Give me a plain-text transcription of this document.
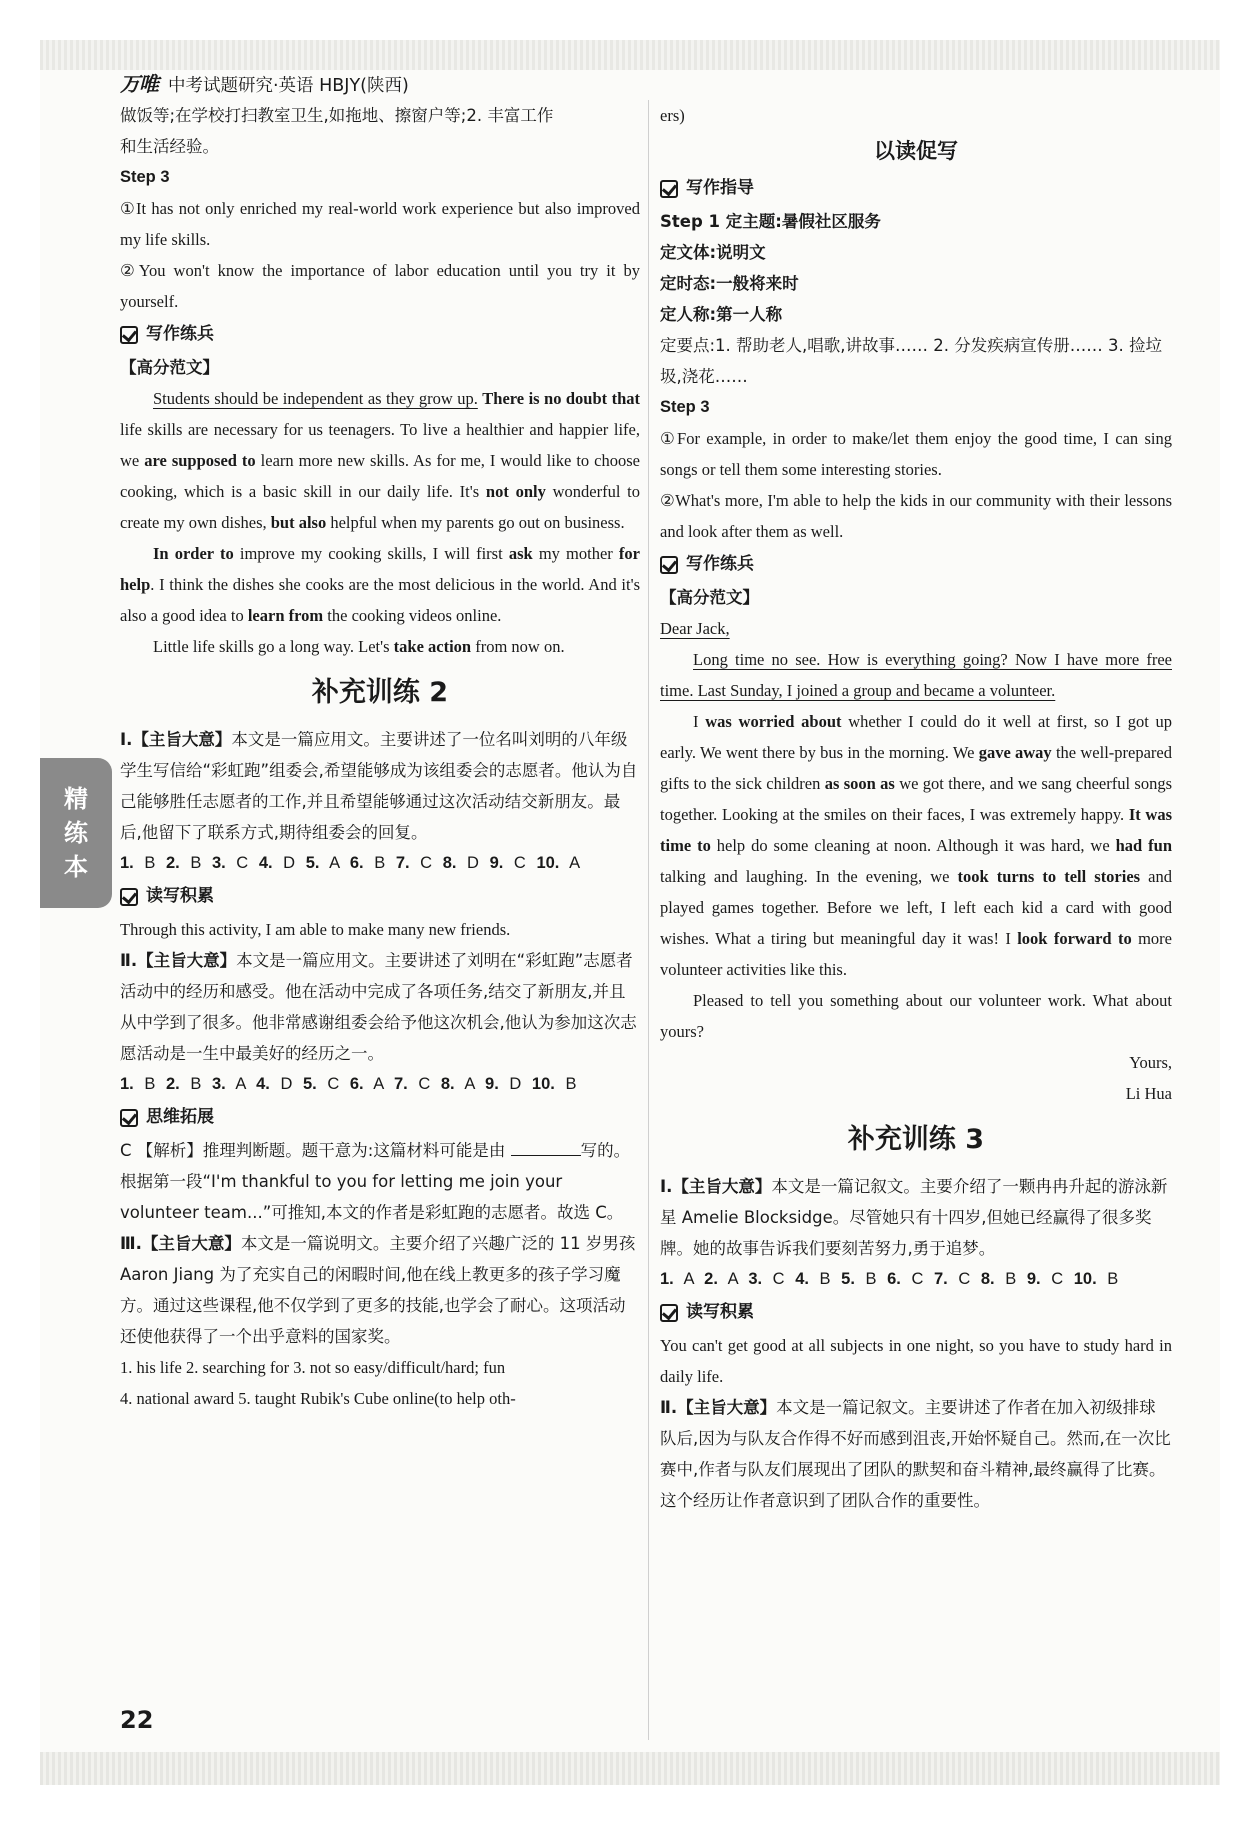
万唯 中考试题研究·英语 HBJY(陕西)
精
练
本

做饭等;在学校打扫教室卫生,如拖地、擦窗户等;2. 丰富工作

和生活经验。

Step 3

①It has not only enriched my real-world work experience but also improved my life skills.

②You won't know the importance of labor education until you try it by yourself.

写作练兵

【高分范文】

Students should be independent as they grow up. There is no doubt that life skills are necessary for us teenagers. To live a healthier and happier life, we are supposed to learn more new skills. As for me, I would like to choose cooking, which is a basic skill in our daily life. It's not only wonderful to create my own dishes, but also helpful when my parents go out on business.

In order to improve my cooking skills, I will first ask my mother for help. I think the dishes she cooks are the most delicious in the world. And it's also a good idea to learn from the cooking videos online.

Little life skills go a long way. Let's take action from now on.

补充训练 2

Ⅰ.【主旨大意】本文是一篇应用文。主要讲述了一位名叫刘明的八年级学生写信给“彩虹跑”组委会,希望能够成为该组委会的志愿者。他认为自己能够胜任志愿者的工作,并且希望能够通过这次活动结交新朋友。最后,他留下了联系方式,期待组委会的回复。

1. B 2. B 3. C 4. D 5. A 6. B 7. C 8. D 9. C 10. A

读写积累

Through this activity, I am able to make many new friends.

Ⅱ.【主旨大意】本文是一篇应用文。主要讲述了刘明在“彩虹跑”志愿者活动中的经历和感受。他在活动中完成了各项任务,结交了新朋友,并且从中学到了很多。他非常感谢组委会给予他这次机会,他认为参加这次志愿活动是一生中最美好的经历之一。

1. B 2. B 3. A 4. D 5. C 6. A 7. C 8. A 9. D 10. B

思维拓展

C 【解析】推理判断题。题干意为:这篇材料可能是由	写的。根据第一段“I'm thankful to you for letting me join your volunteer team...”可推知,本文的作者是彩虹跑的志愿者。故选 C。

Ⅲ.【主旨大意】本文是一篇说明文。主要介绍了兴趣广泛的 11 岁男孩 Aaron Jiang 为了充实自己的闲暇时间,他在线上教更多的孩子学习魔方。通过这些课程,他不仅学到了更多的技能,也学会了耐心。这项活动还使他获得了一个出乎意料的国家奖。

1. his life 2. searching for 3. not so easy/difficult/hard; fun

4. national award 5. taught Rubik's Cube online(to help oth-

ers)

以读促写
写作指导

Step 1 定主题:暑假社区服务

定文体:说明文

定时态:一般将来时

定人称:第一人称

定要点:1. 帮助老人,唱歌,讲故事…… 2. 分发疾病宣传册…… 3. 捡垃圾,浇花……

Step 3

①For example, in order to make/let them enjoy the good time, I can sing songs or tell them some interesting stories.

②What's more, I'm able to help the kids in our community with their lessons and look after them as well.

写作练兵

【高分范文】

Dear Jack,

Long time no see. How is everything going? Now I have more free time. Last Sunday, I joined a group and became a volunteer.

I was worried about whether I could do it well at first, so I got up early. We went there by bus in the morning. We gave away the well-prepared gifts to the sick children as soon as we got there, and we sang cheerful songs together. Looking at the smiles on their faces, I was extremely happy. It was time to help do some cleaning at noon. Although it was hard, we had fun talking and laughing. In the evening, we took turns to tell stories and played games together. Before we left, I left each kid a card with good wishes. What a tiring but meaningful day it was! I look forward to more volunteer activities like this.

Pleased to tell you something about our volunteer work. What about yours?

Yours,

Li Hua

补充训练 3

Ⅰ.【主旨大意】本文是一篇记叙文。主要介绍了一颗冉冉升起的游泳新星 Amelie Blocksidge。尽管她只有十四岁,但她已经赢得了很多奖牌。她的故事告诉我们要刻苦努力,勇于追梦。

1. A 2. A 3. C 4. B 5. B 6. C 7. C 8. B 9. C 10. B

读写积累

You can't get good at all subjects in one night, so you have to study hard in daily life.

Ⅱ.【主旨大意】本文是一篇记叙文。主要讲述了作者在加入初级排球队后,因为与队友合作得不好而感到沮丧,开始怀疑自己。然而,在一次比赛中,作者与队友们展现出了团队的默契和奋斗精神,最终赢得了比赛。这个经历让作者意识到了团队合作的重要性。

22
